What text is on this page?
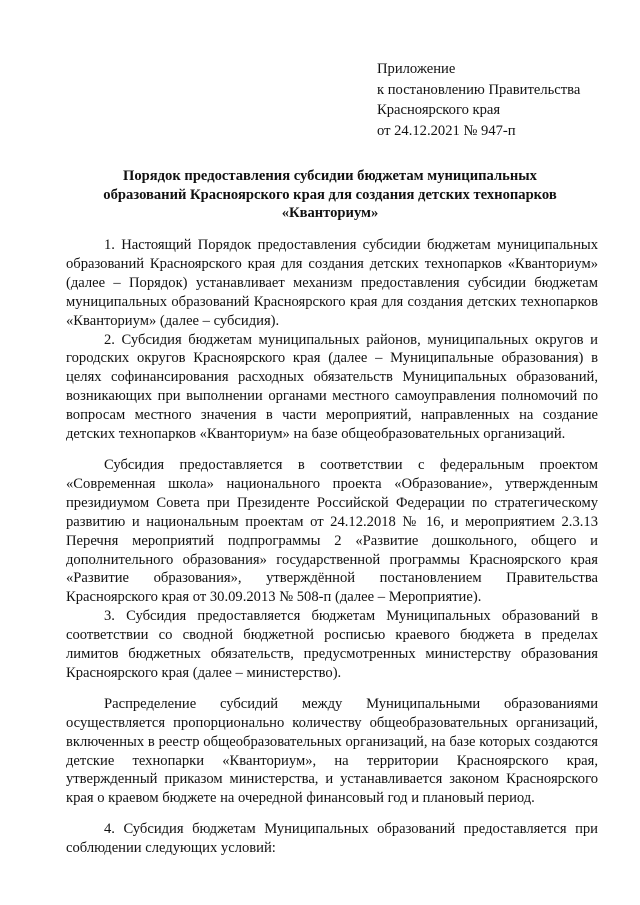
Приложение
к постановлению Правительства
Красноярского края
от 24.12.2021 № 947-п
Порядок предоставления субсидии бюджетам муниципальных
образований Красноярского края для создания детских технопарков
«Кванториум»

1. Настоящий Порядок предоставления субсидии бюджетам муниципальных образований Красноярского края для создания детских технопарков «Кванториум» (далее – Порядок) устанавливает механизм предоставления субсидии бюджетам муниципальных образований Красноярского края для создания детских технопарков «Кванториум» (далее – субсидия).

2. Субсидия бюджетам муниципальных районов, муниципальных округов и городских округов Красноярского края (далее – Муниципальные образования) в целях софинансирования расходных обязательств Муниципальных образований, возникающих при выполнении органами местного самоуправления полномочий по вопросам местного значения в части мероприятий, направленных на создание детских технопарков «Кванториум» на базе общеобразовательных организаций.

Субсидия предоставляется в соответствии с федеральным проектом «Современная школа» национального проекта «Образование», утвержденным президиумом Совета при Президенте Российской Федерации по стратегическому развитию и национальным проектам от 24.12.2018 № 16, и мероприятием 2.3.13 Перечня мероприятий подпрограммы 2 «Развитие дошкольного, общего и дополнительного образования» государственной программы Красноярского края «Развитие образования», утверждённой постановлением Правительства Красноярского края от 30.09.2013 № 508-п (далее – Мероприятие).

3. Субсидия предоставляется бюджетам Муниципальных образований в соответствии со сводной бюджетной росписью краевого бюджета в пределах лимитов бюджетных обязательств, предусмотренных министерству образования Красноярского края (далее – министерство).

Распределение субсидий между Муниципальными образованиями осуществляется пропорционально количеству общеобразовательных организаций, включенных в реестр общеобразовательных организаций, на базе которых создаются детские технопарки «Кванториум», на территории Красноярского края, утвержденный приказом министерства, и устанавливается законом Красноярского края о краевом бюджете на очередной финансовый год и плановый период.

4. Субсидия бюджетам Муниципальных образований предоставляется при соблюдении следующих условий:
